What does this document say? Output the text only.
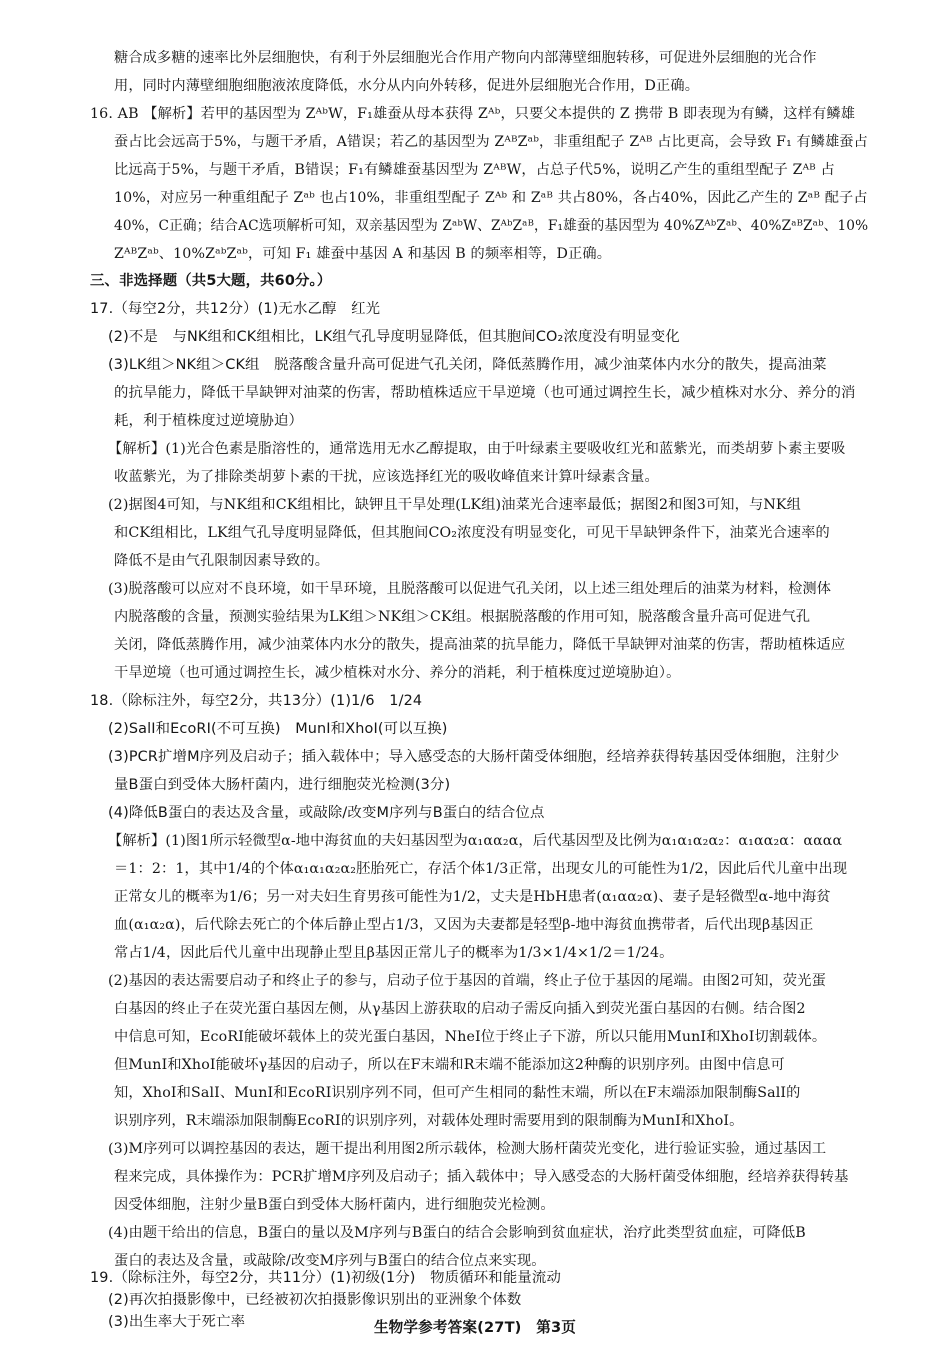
糖合成多糖的速率比外层细胞快，有利于外层细胞光合作用产物向内部薄壁细胞转移，可促进外层细胞的光合作
用，同时内薄壁细胞细胞液浓度降低，水分从内向外转移，促进外层细胞光合作用，D正确。
16. AB 【解析】若甲的基因型为 ZᴬᵇW，F₁雄蚕从母本获得 Zᴬᵇ，只要父本提供的 Z 携带 B 即表现为有鳞，这样有鳞雄
蚕占比会远高于5%，与题干矛盾，A错误；若乙的基因型为 ZᴬᴮZᵃᵇ，非重组配子 Zᴬᴮ 占比更高，会导致 F₁ 有鳞雄蚕占
比远高于5%，与题干矛盾，B错误；F₁有鳞雄蚕基因型为 ZᴬᴮW，占总子代5%，说明乙产生的重组型配子 Zᴬᴮ 占
10%，对应另一种重组配子 Zᵃᵇ 也占10%，非重组型配子 Zᴬᵇ 和 Zᵃᴮ 共占80%，各占40%，因此乙产生的 Zᵃᴮ 配子占
40%，C正确；结合AC选项解析可知，双亲基因型为 ZᵃᵇW、ZᴬᵇZᵃᴮ，F₁雄蚕的基因型为 40%ZᴬᵇZᵃᵇ、40%ZᵃᴮZᵃᵇ、10%
ZᴬᴮZᵃᵇ、10%ZᵃᵇZᵃᵇ，可知 F₁ 雄蚕中基因 A 和基因 B 的频率相等，D正确。
三、非选择题（共5大题，共60分。）
17.（每空2分，共12分）(1)无水乙醇　红光
(2)不是　与NK组和CK组相比，LK组气孔导度明显降低，但其胞间CO₂浓度没有明显变化
(3)LK组＞NK组＞CK组　脱落酸含量升高可促进气孔关闭，降低蒸腾作用，减少油菜体内水分的散失，提高油菜
的抗旱能力，降低干旱缺钾对油菜的伤害，帮助植株适应干旱逆境（也可通过调控生长，减少植株对水分、养分的消
耗，利于植株度过逆境胁迫）
【解析】(1)光合色素是脂溶性的，通常选用无水乙醇提取，由于叶绿素主要吸收红光和蓝紫光，而类胡萝卜素主要吸
收蓝紫光，为了排除类胡萝卜素的干扰，应该选择红光的吸收峰值来计算叶绿素含量。
(2)据图4可知，与NK组和CK组相比，缺钾且干旱处理(LK组)油菜光合速率最低；据图2和图3可知，与NK组
和CK组相比，LK组气孔导度明显降低，但其胞间CO₂浓度没有明显变化，可见干旱缺钾条件下，油菜光合速率的
降低不是由气孔限制因素导致的。
(3)脱落酸可以应对不良环境，如干旱环境，且脱落酸可以促进气孔关闭，以上述三组处理后的油菜为材料，检测体
内脱落酸的含量，预测实验结果为LK组＞NK组＞CK组。根据脱落酸的作用可知，脱落酸含量升高可促进气孔
关闭，降低蒸腾作用，减少油菜体内水分的散失，提高油菜的抗旱能力，降低干旱缺钾对油菜的伤害，帮助植株适应
干旱逆境（也可通过调控生长，减少植株对水分、养分的消耗，利于植株度过逆境胁迫）。
18.（除标注外，每空2分，共13分）(1)1/6　1/24
(2)SalⅠ和EcoRⅠ(不可互换)　MunⅠ和XhoⅠ(可以互换)
(3)PCR扩增M序列及启动子；插入载体中；导入感受态的大肠杆菌受体细胞，经培养获得转基因受体细胞，注射少
量B蛋白到受体大肠杆菌内，进行细胞荧光检测(3分)
(4)降低B蛋白的表达及含量，或敲除/改变M序列与B蛋白的结合位点
【解析】(1)图1所示轻微型α-地中海贫血的夫妇基因型为α₁αα₂α，后代基因型及比例为α₁α₁α₂α₂：α₁αα₂α：αααα
＝1：2：1，其中1/4的个体α₁α₁α₂α₂胚胎死亡，存活个体1/3正常，出现女儿的可能性为1/2，因此后代儿童中出现
正常女儿的概率为1/6；另一对夫妇生育男孩可能性为1/2，丈夫是HbH患者(α₁αα₂α)、妻子是轻微型α-地中海贫
血(α₁α₂α)，后代除去死亡的个体后静止型占1/3，又因为夫妻都是轻型β-地中海贫血携带者，后代出现β基因正
常占1/4，因此后代儿童中出现静止型且β基因正常儿子的概率为1/3×1/4×1/2＝1/24。
(2)基因的表达需要启动子和终止子的参与，启动子位于基因的首端，终止子位于基因的尾端。由图2可知，荧光蛋
白基因的终止子在荧光蛋白基因左侧，从γ基因上游获取的启动子需反向插入到荧光蛋白基因的右侧。结合图2
中信息可知，EcoRⅠ能破坏载体上的荧光蛋白基因，NheⅠ位于终止子下游，所以只能用MunⅠ和XhoⅠ切割载体。
但MunⅠ和XhoⅠ能破坏γ基因的启动子，所以在F末端和R末端不能添加这2种酶的识别序列。由图中信息可
知，XhoⅠ和SalⅠ、MunⅠ和EcoRⅠ识别序列不同，但可产生相同的黏性末端，所以在F末端添加限制酶SalⅠ的
识别序列，R末端添加限制酶EcoRⅠ的识别序列，对载体处理时需要用到的限制酶为MunⅠ和XhoⅠ。
(3)M序列可以调控基因的表达，题干提出利用图2所示载体，检测大肠杆菌荧光变化，进行验证实验，通过基因工
程来完成，具体操作为：PCR扩增M序列及启动子；插入载体中；导入感受态的大肠杆菌受体细胞，经培养获得转基
因受体细胞，注射少量B蛋白到受体大肠杆菌内，进行细胞荧光检测。
(4)由题干给出的信息，B蛋白的量以及M序列与B蛋白的结合会影响到贫血症状，治疗此类型贫血症，可降低B
蛋白的表达及含量，或敲除/改变M序列与B蛋白的结合位点来实现。
19.（除标注外，每空2分，共11分）(1)初级(1分)　物质循环和能量流动
(2)再次拍摄影像中，已经被初次拍摄影像识别出的亚洲象个体数
(3)出生率大于死亡率	生物学参考答案(27T)　第3页
